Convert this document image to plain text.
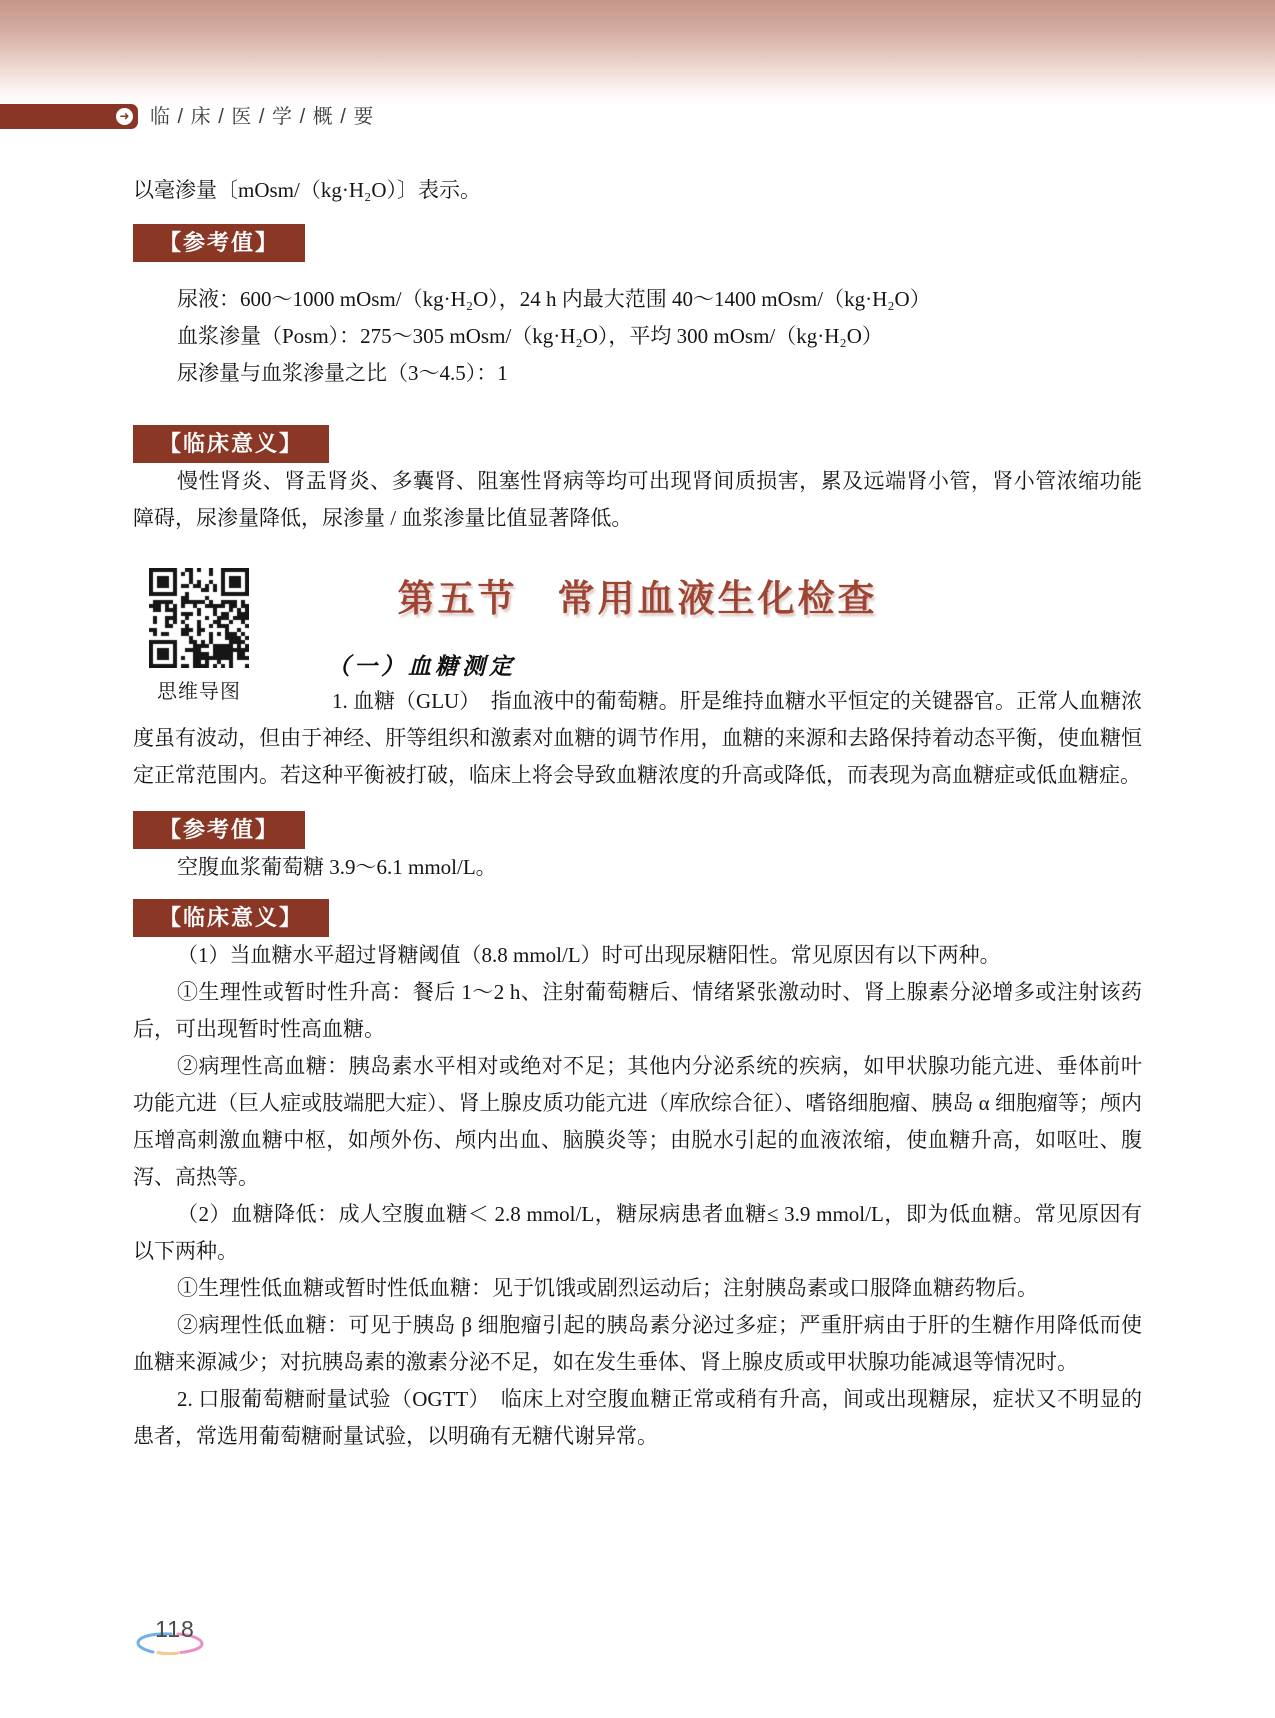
➜ 临 / 床 / 医 / 学 / 概 / 要

以毫渗量〔mOsm/（kg·H₂O）〕表示。

【参考值】

尿液：600～1000 mOsm/（kg·H₂O），24 h 内最大范围 40～1400 mOsm/（kg·H₂O）

血浆渗量（Posm）：275～305 mOsm/（kg·H₂O），平均 300 mOsm/（kg·H₂O）

尿渗量与血浆渗量之比（3～4.5）：1

【临床意义】

慢性肾炎、肾盂肾炎、多囊肾、阻塞性肾病等均可出现肾间质损害，累及远端肾小管，肾小管浓缩功能障碍，尿渗量降低，尿渗量 / 血浆渗量比值显著降低。

思维导图
第五节　常用血液生化检查
（一）血糖测定

1. 血糖（GLU）　指血液中的葡萄糖。肝是维持血糖水平恒定的关键器官。正常人血糖浓度虽有波动，但由于神经、肝等组织和激素对血糖的调节作用，血糖的来源和去路保持着动态平衡，使血糖恒定正常范围内。若这种平衡被打破，临床上将会导致血糖浓度的升高或降低，而表现为高血糖症或低血糖症。

【参考值】

空腹血浆葡萄糖 3.9～6.1 mmol/L。

【临床意义】

（1）当血糖水平超过肾糖阈值（8.8 mmol/L）时可出现尿糖阳性。常见原因有以下两种。

①生理性或暂时性升高：餐后 1～2 h、注射葡萄糖后、情绪紧张激动时、肾上腺素分泌增多或注射该药后，可出现暂时性高血糖。

②病理性高血糖：胰岛素水平相对或绝对不足；其他内分泌系统的疾病，如甲状腺功能亢进、垂体前叶功能亢进（巨人症或肢端肥大症）、肾上腺皮质功能亢进（库欣综合征）、嗜铬细胞瘤、胰岛 α 细胞瘤等；颅内压增高刺激血糖中枢，如颅外伤、颅内出血、脑膜炎等；由脱水引起的血液浓缩，使血糖升高，如呕吐、腹泻、高热等。

（2）血糖降低：成人空腹血糖＜ 2.8 mmol/L，糖尿病患者血糖≤ 3.9 mmol/L，即为低血糖。常见原因有以下两种。

①生理性低血糖或暂时性低血糖：见于饥饿或剧烈运动后；注射胰岛素或口服降血糖药物后。

②病理性低血糖：可见于胰岛 β 细胞瘤引起的胰岛素分泌过多症；严重肝病由于肝的生糖作用降低而使血糖来源减少；对抗胰岛素的激素分泌不足，如在发生垂体、肾上腺皮质或甲状腺功能减退等情况时。

2. 口服葡萄糖耐量试验（OGTT）　临床上对空腹血糖正常或稍有升高，间或出现糖尿，症状又不明显的患者，常选用葡萄糖耐量试验，以明确有无糖代谢异常。

118
